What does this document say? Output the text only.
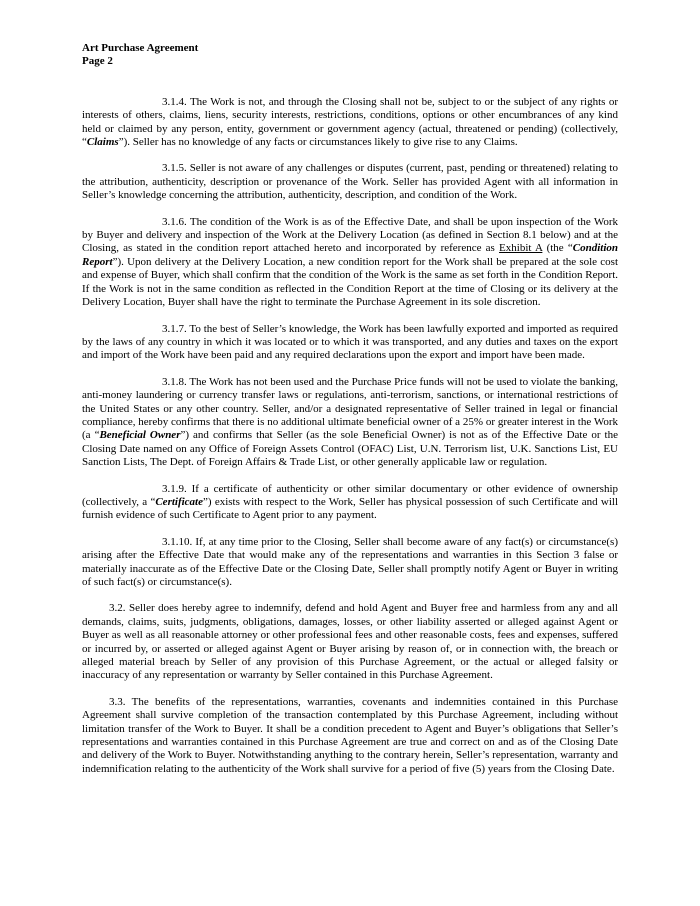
Art Purchase Agreement
Page 2

3.1.4. The Work is not, and through the Closing shall not be, subject to or the subject of any rights or interests of others, claims, liens, security interests, restrictions, conditions, options or other encumbrances of any kind held or claimed by any person, entity, government or government agency (actual, threatened or pending) (collectively, “Claims”). Seller has no knowledge of any facts or circumstances likely to give rise to any Claims.

3.1.5. Seller is not aware of any challenges or disputes (current, past, pending or threatened) relating to the attribution, authenticity, description or provenance of the Work. Seller has provided Agent with all information in Seller’s knowledge concerning the attribution, authenticity, description, and condition of the Work.

3.1.6. The condition of the Work is as of the Effective Date, and shall be upon inspection of the Work by Buyer and delivery and inspection of the Work at the Delivery Location (as defined in Section 8.1 below) and at the Closing, as stated in the condition report attached hereto and incorporated by reference as Exhibit A (the “Condition Report”). Upon delivery at the Delivery Location, a new condition report for the Work shall be prepared at the sole cost and expense of Buyer, which shall confirm that the condition of the Work is the same as set forth in the Condition Report. If the Work is not in the same condition as reflected in the Condition Report at the time of Closing or its delivery at the Delivery Location, Buyer shall have the right to terminate the Purchase Agreement in its sole discretion.

3.1.7. To the best of Seller’s knowledge, the Work has been lawfully exported and imported as required by the laws of any country in which it was located or to which it was transported, and any duties and taxes on the export and import of the Work have been paid and any required declarations upon the export and import have been made.

3.1.8. The Work has not been used and the Purchase Price funds will not be used to violate the banking, anti-money laundering or currency transfer laws or regulations, anti-terrorism, sanctions, or international restrictions of the United States or any other country. Seller, and/or a designated representative of Seller trained in legal or financial compliance, hereby confirms that there is no additional ultimate beneficial owner of a 25% or greater interest in the Work (a “Beneficial Owner”) and confirms that Seller (as the sole Beneficial Owner) is not as of the Effective Date or the Closing Date named on any Office of Foreign Assets Control (OFAC) List, U.N. Terrorism list, U.K. Sanctions List, EU Sanction Lists, The Dept. of Foreign Affairs & Trade List, or other generally applicable law or regulation.

3.1.9. If a certificate of authenticity or other similar documentary or other evidence of ownership (collectively, a “Certificate”) exists with respect to the Work, Seller has physical possession of such Certificate and will furnish evidence of such Certificate to Agent prior to any payment.

3.1.10. If, at any time prior to the Closing, Seller shall become aware of any fact(s) or circumstance(s) arising after the Effective Date that would make any of the representations and warranties in this Section 3 false or materially inaccurate as of the Effective Date or the Closing Date, Seller shall promptly notify Agent or Buyer in writing of such fact(s) or circumstance(s).

3.2. Seller does hereby agree to indemnify, defend and hold Agent and Buyer free and harmless from any and all demands, claims, suits, judgments, obligations, damages, losses, or other liability asserted or alleged against Agent or Buyer as well as all reasonable attorney or other professional fees and other reasonable costs, fees and expenses, suffered or incurred by, or asserted or alleged against Agent or Buyer arising by reason of, or in connection with, the breach or alleged material breach by Seller of any provision of this Purchase Agreement, or the actual or alleged falsity or inaccuracy of any representation or warranty by Seller contained in this Purchase Agreement.

3.3. The benefits of the representations, warranties, covenants and indemnities contained in this Purchase Agreement shall survive completion of the transaction contemplated by this Purchase Agreement, including without limitation transfer of the Work to Buyer. It shall be a condition precedent to Agent and Buyer’s obligations that Seller’s representations and warranties contained in this Purchase Agreement are true and correct on and as of the Closing Date and delivery of the Work to Buyer. Notwithstanding anything to the contrary herein, Seller’s representation, warranty and indemnification relating to the authenticity of the Work shall survive for a period of five (5) years from the Closing Date.
